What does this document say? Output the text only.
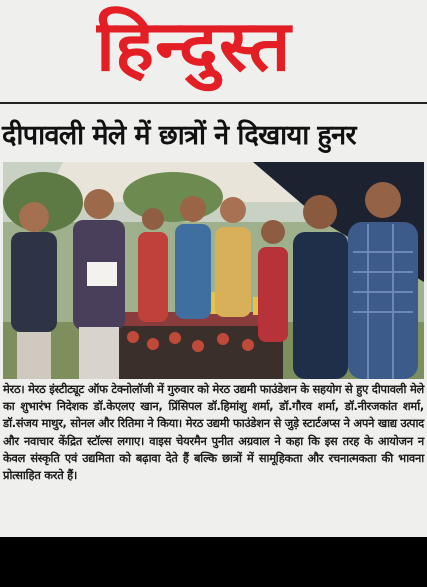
हिन्दुस्त
दीपावली मेले में छात्रों ने दिखाया हुनर
मेरठ। मेरठ इंस्टीट्यूट ऑफ टेक्नोलॉजी में गुरुवार को मेरठ उद्यमी फाउंडेशन के सहयोग से हुए दीपावली मेले का शुभारंभ निदेशक डॉ.केएलए खान, प्रिंसिपल डॉ.हिमांशु शर्मा, डॉ.गौरव शर्मा, डॉ.नीरजकांत शर्मा, डॉ.संजय माथुर, सोनल और रितिमा ने किया। मेरठ उद्यमी फाउंडेशन से जुड़े स्टार्टअप्स ने अपने खाद्य उत्पाद और नवाचार केंद्रित स्टॉल्स लगाए। वाइस चेयरमैन पुनीत अग्रवाल ने कहा कि इस तरह के आयोजन न केवल संस्कृति एवं उद्यमिता को बढ़ावा देते हैं बल्कि छात्रों में सामूहिकता और रचनात्मकता की भावना प्रोत्साहित करते हैं।
